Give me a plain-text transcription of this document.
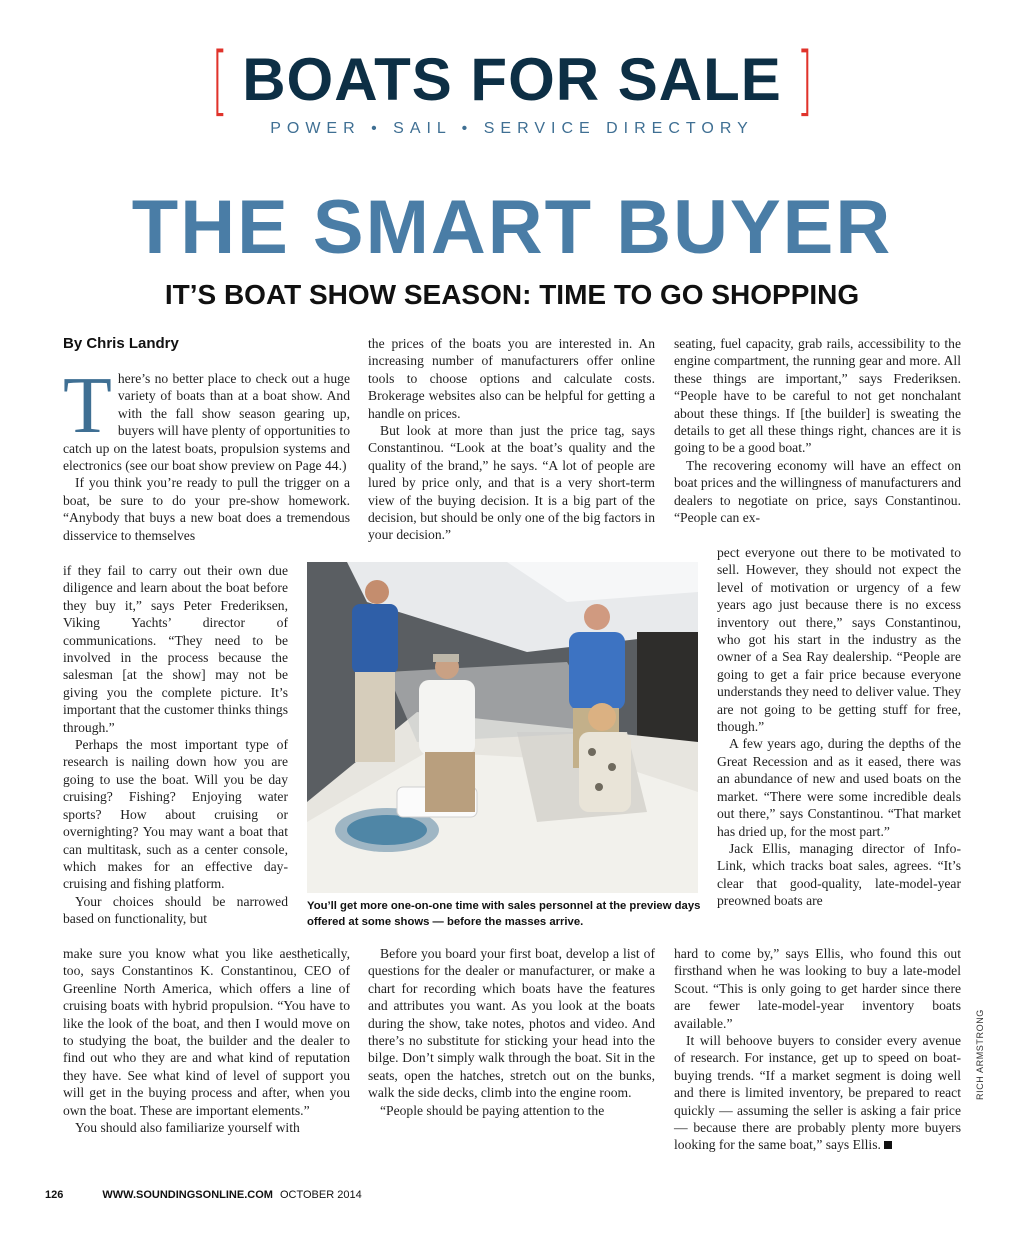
[ BOATS FOR SALE ]
POWER • SAIL • SERVICE DIRECTORY
THE SMART BUYER
IT’S BOAT SHOW SEASON: TIME TO GO SHOPPING
By Chris Landry

There’s no better place to check out a huge variety of boats than at a boat show. And with the fall show season gearing up, buyers will have plenty of opportunities to catch up on the latest boats, propulsion systems and electronics (see our boat show preview on Page 44.)

If you think you’re ready to pull the trigger on a boat, be sure to do your pre-show homework. “Anybody that buys a new boat does a tremendous disservice to themselves

if they fail to carry out their own due diligence and learn about the boat before they buy it,” says Peter Frederiksen, Viking Yachts’ director of communications. “They need to be involved in the process because the salesman [at the show] may not be giving you the complete picture. It’s important that the customer thinks things through.”

Perhaps the most important type of research is nailing down how you are going to use the boat. Will you be day cruising? Fishing? Enjoying water sports? How about cruising or overnighting? You may want a boat that can multitask, such as a center console, which makes for an effective day-cruising and fishing platform.

Your choices should be narrowed based on functionality, but

make sure you know what you like aesthetically, too, says Constantinos K. Constantinou, CEO of Greenline North America, which offers a line of cruising boats with hybrid propulsion. “You have to like the look of the boat, and then I would move on to studying the boat, the builder and the dealer to find out who they are and what kind of reputation they have. See what kind of level of support you will get in the buying process and after, when you own the boat. These are important elements.”

You should also familiarize yourself with

the prices of the boats you are interested in. An increasing number of manufacturers offer online tools to choose options and calculate costs. Brokerage websites also can be helpful for getting a handle on prices.

But look at more than just the price tag, says Constantinou. “Look at the boat’s quality and the quality of the brand,” he says. “A lot of people are lured by price only, and that is a very short-term view of the buying decision. It is a big part of the decision, but should be only one of the big factors in your decision.”

Before you board your first boat, develop a list of questions for the dealer or manufacturer, or make a chart for recording which boats have the features and attributes you want. As you look at the boats during the show, take notes, photos and video. And there’s no substitute for sticking your head into the bilge. Don’t simply walk through the boat. Sit in the seats, open the hatches, stretch out on the bunks, walk the side decks, climb into the engine room.

“People should be paying attention to the

seating, fuel capacity, grab rails, accessibility to the engine compartment, the running gear and more. All these things are important,” says Frederiksen. “People have to be careful to not get nonchalant about these things. If [the builder] is sweating the details to get all these things right, chances are it is going to be a good boat.”

The recovering economy will have an effect on boat prices and the willingness of manufacturers and dealers to negotiate on price, says Constantinou. “People can ex-

pect everyone out there to be motivated to sell. However, they should not expect the level of motivation or urgency of a few years ago just because there is no excess inventory out there,” says Constantinou, who got his start in the industry as the owner of a Sea Ray dealership. “People are going to get a fair price because everyone understands they need to deliver value. They are not going to be getting stuff for free, though.”

A few years ago, during the depths of the Great Recession and as it eased, there was an abundance of new and used boats on the market. “There were some incredible deals out there,” says Constantinou. “That market has dried up, for the most part.”

Jack Ellis, managing director of Info-Link, which tracks boat sales, agrees. “It’s clear that good-quality, late-model-year preowned boats are

hard to come by,” says Ellis, who found this out firsthand when he was looking to buy a late-model Scout. “This is only going to get harder since there are fewer late-model-year inventory boats available.”

It will behoove buyers to consider every avenue of research. For instance, get up to speed on boat-buying trends. “If a market segment is doing well and there is limited inventory, be prepared to react quickly — assuming the seller is asking a fair price — because there are probably plenty more buyers looking for the same boat,” says Ellis.

You’ll get more one-on-one time with sales personnel at the preview days offered at some shows — before the masses arrive.
RICH ARMSTRONG
126	WWW.SOUNDINGSONLINE.COM OCTOBER 2014
